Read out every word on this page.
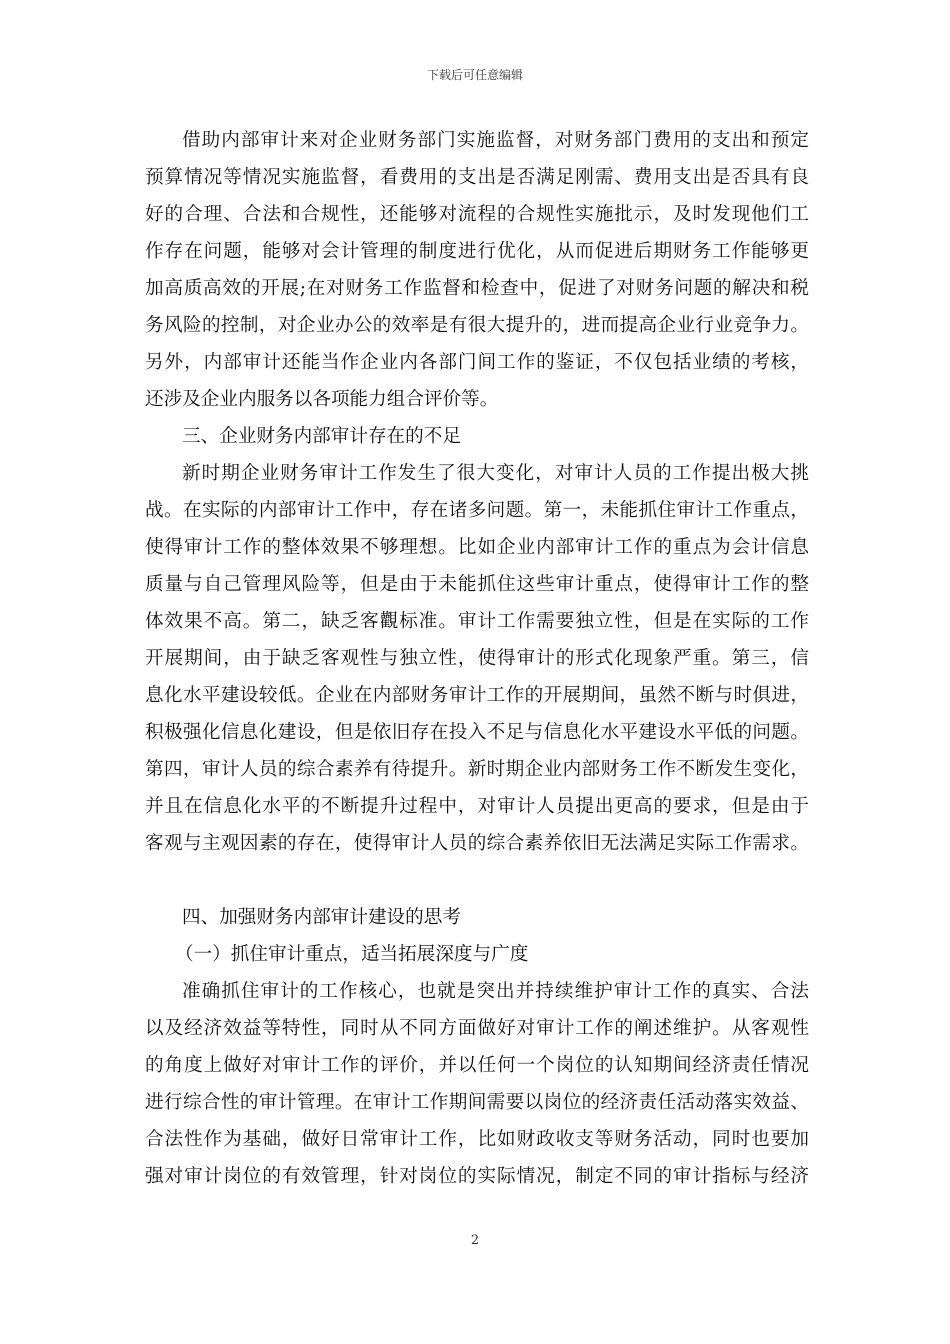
下载后可任意编辑
借助内部审计来对企业财务部门实施监督，对财务部门费用的支出和预定
预算情况等情况实施监督，看费用的支出是否满足刚需、费用支出是否具有良
好的合理、合法和合规性，还能够对流程的合规性实施批示，及时发现他们工
作存在问题，能够对会计管理的制度进行优化，从而促进后期财务工作能够更
加高质高效的开展;在对财务工作监督和检查中，促进了对财务问题的解决和税
务风险的控制，对企业办公的效率是有很大提升的，进而提高企业行业竞争力。
另外，内部审计还能当作企业内各部门间工作的鉴证，不仅包括业绩的考核，
还涉及企业内服务以各项能力组合评价等。
三、企业财务内部审计存在的不足
新时期企业财务审计工作发生了很大变化，对审计人员的工作提出极大挑
战。在实际的内部审计工作中，存在诸多问题。第一，未能抓住审计工作重点，
使得审计工作的整体效果不够理想。比如企业内部审计工作的重点为会计信息
质量与自己管理风险等，但是由于未能抓住这些审计重点，使得审计工作的整
体效果不高。第二，缺乏客觀标准。审计工作需要独立性，但是在实际的工作
开展期间，由于缺乏客观性与独立性，使得审计的形式化现象严重。第三，信
息化水平建设较低。企业在内部财务审计工作的开展期间，虽然不断与时俱进，
积极强化信息化建设，但是依旧存在投入不足与信息化水平建设水平低的问题。
第四，审计人员的综合素养有待提升。新时期企业内部财务工作不断发生变化，
并且在信息化水平的不断提升过程中，对审计人员提出更高的要求，但是由于
客观与主观因素的存在，使得审计人员的综合素养依旧无法满足实际工作需求。
四、加强财务内部审计建设的思考
（一）抓住审计重点，适当拓展深度与广度
准确抓住审计的工作核心，也就是突出并持续维护审计工作的真实、合法
以及经济效益等特性，同时从不同方面做好对审计工作的阐述维护。从客观性
的角度上做好对审计工作的评价，并以任何一个岗位的认知期间经济责任情况
进行综合性的审计管理。在审计工作期间需要以岗位的经济责任活动落实效益、
合法性作为基础，做好日常审计工作，比如财政收支等财务活动，同时也要加
强对审计岗位的有效管理，针对岗位的实际情况，制定不同的审计指标与经济
2
